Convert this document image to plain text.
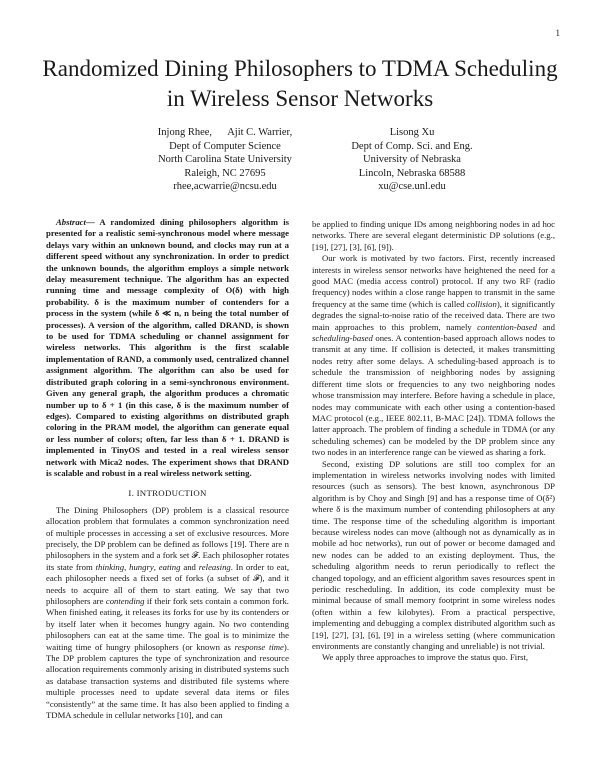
1
Randomized Dining Philosophers to TDMA Scheduling in Wireless Sensor Networks
Injong Rhee,      Ajit C. Warrier,
Dept of Computer Science
North Carolina State University
Raleigh, NC 27695
rhee,acwarrie@ncsu.edu
Lisong Xu
Dept of Comp. Sci. and Eng.
University of Nebraska
Lincoln, Nebraska 68588
xu@cse.unl.edu

Abstract— A randomized dining philosophers algorithm is presented for a realistic semi-synchronous model where message delays vary within an unknown bound, and clocks may run at a different speed without any synchronization. In order to predict the unknown bounds, the algorithm employs a simple network delay measurement technique. The algorithm has an expected running time and message complexity of O(δ) with high probability. δ is the maximum number of contenders for a process in the system (while δ ≪ n, n being the total number of processes). A version of the algorithm, called DRAND, is shown to be used for TDMA scheduling or channel assignment for wireless networks. This algorithm is the first scalable implementation of RAND, a commonly used, centralized channel assignment algorithm. The algorithm can also be used for distributed graph coloring in a semi-synchronous environment. Given any general graph, the algorithm produces a chromatic number up to δ + 1 (in this case, δ is the maximum number of edges). Compared to existing algorithms on distributed graph coloring in the PRAM model, the algorithm can generate equal or less number of colors; often, far less than δ + 1. DRAND is implemented in TinyOS and tested in a real wireless sensor network with Mica2 nodes. The experiment shows that DRAND is scalable and robust in a real wireless network setting.

I. INTRODUCTION

The Dining Philosophers (DP) problem is a classical resource allocation problem that formulates a common synchronization need of multiple processes in accessing a set of exclusive resources. More precisely, the DP problem can be defined as follows [19]. There are n philosophers in the system and a fork set 𝓕. Each philosopher rotates its state from thinking, hungry, eating and releasing. In order to eat, each philosopher needs a fixed set of forks (a subset of 𝓕), and it needs to acquire all of them to start eating. We say that two philosophers are contending if their fork sets contain a common fork. When finished eating, it releases its forks for use by its contenders or by itself later when it becomes hungry again. No two contending philosophers can eat at the same time. The goal is to minimize the waiting time of hungry philosophers (or known as response time). The DP problem captures the type of synchronization and resource allocation requirements commonly arising in distributed systems such as database transaction systems and distributed file systems where multiple processes need to update several data items or files “consistently” at the same time. It has also been applied to finding a TDMA schedule in cellular networks [10], and can

be applied to finding unique IDs among neighboring nodes in ad hoc networks. There are several elegant deterministic DP solutions (e.g., [19], [27], [3], [6], [9]).

Our work is motivated by two factors. First, recently increased interests in wireless sensor networks have heightened the need for a good MAC (media access control) protocol. If any two RF (radio frequency) nodes within a close range happen to transmit in the same frequency at the same time (which is called collision), it significantly degrades the signal-to-noise ratio of the received data. There are two main approaches to this problem, namely contention-based and scheduling-based ones. A contention-based approach allows nodes to transmit at any time. If collision is detected, it makes transmitting nodes retry after some delays. A scheduling-based approach is to schedule the transmission of neighboring nodes by assigning different time slots or frequencies to any two neighboring nodes whose transmission may interfere. Before having a schedule in place, nodes may communicate with each other using a contention-based MAC protocol (e.g., IEEE 802.11, B-MAC [24]). TDMA follows the latter approach. The problem of finding a schedule in TDMA (or any scheduling schemes) can be modeled by the DP problem since any two nodes in an interference range can be viewed as sharing a fork.

Second, existing DP solutions are still too complex for an implementation in wireless networks involving nodes with limited resources (such as sensors). The best known, asynchronous DP algorithm is by Choy and Singh [9] and has a response time of O(δ²) where δ is the maximum number of contending philosophers at any time. The response time of the scheduling algorithm is important because wireless nodes can move (although not as dynamically as in mobile ad hoc networks), run out of power or become damaged and new nodes can be added to an existing deployment. Thus, the scheduling algorithm needs to rerun periodically to reflect the changed topology, and an efficient algorithm saves resources spent in periodic rescheduling. In addition, its code complexity must be minimal because of small memory footprint in some wireless nodes (often within a few kilobytes). From a practical perspective, implementing and debugging a complex distributed algorithm such as [19], [27], [3], [6], [9] in a wireless setting (where communication environments are constantly changing and unreliable) is not trivial.

We apply three approaches to improve the status quo. First,
